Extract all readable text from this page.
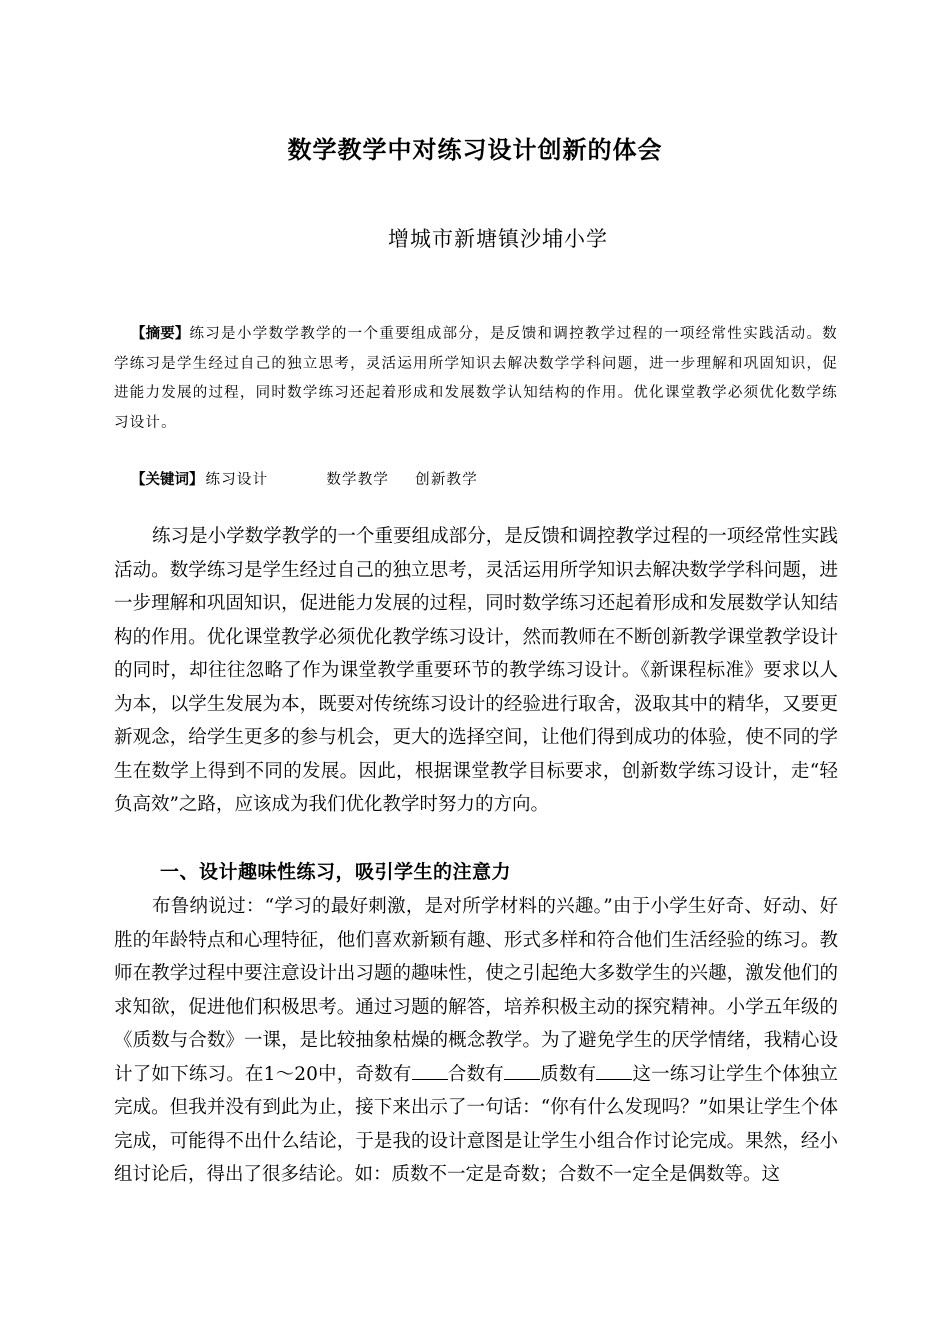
数学教学中对练习设计创新的体会
增城市新塘镇沙埔小学
【摘要】练习是小学数学教学的一个重要组成部分，是反馈和调控教学过程的一项经常性实践活动。数学练习是学生经过自己的独立思考，灵活运用所学知识去解决数学学科问题，进一步理解和巩固知识，促进能力发展的过程，同时数学练习还起着形成和发展数学认知结构的作用。优化课堂教学必须优化数学练习设计。
【关键词】 练习设计	数学教学 创新教学
练习是小学数学教学的一个重要组成部分，是反馈和调控教学过程的一项经常性实践活动。数学练习是学生经过自己的独立思考，灵活运用所学知识去解决数学学科问题，进一步理解和巩固知识，促进能力发展的过程，同时数学练习还起着形成和发展数学认知结构的作用。优化课堂教学必须优化教学练习设计，然而教师在不断创新教学课堂教学设计的同时，却往往忽略了作为课堂教学重要环节的教学练习设计。《新课程标准》要求以人为本，以学生发展为本，既要对传统练习设计的经验进行取舍，汲取其中的精华，又要更新观念，给学生更多的参与机会，更大的选择空间，让他们得到成功的体验，使不同的学生在数学上得到不同的发展。因此，根据课堂教学目标要求，创新数学练习设计，走“轻负高效”之路，应该成为我们优化教学时努力的方向。
一、设计趣味性练习，吸引学生的注意力
布鲁纳说过：“学习的最好刺激，是对所学材料的兴趣。”由于小学生好奇、好动、好胜的年龄特点和心理特征，他们喜欢新颖有趣、形式多样和符合他们生活经验的练习。教师在教学过程中要注意设计出习题的趣味性，使之引起绝大多数学生的兴趣，激发他们的求知欲，促进他们积极思考。通过习题的解答，培养积极主动的探究精神。小学五年级的《质数与合数》一课，是比较抽象枯燥的概念教学。为了避免学生的厌学情绪，我精心设计了如下练习。在1～20中，奇数有 合数有 质数有 这一练习让学生个体独立完成。但我并没有到此为止，接下来出示了一句话：“你有什么发现吗？”如果让学生个体完成，可能得不出什么结论，于是我的设计意图是让学生小组合作讨论完成。果然，经小组讨论后，得出了很多结论。如：质数不一定是奇数；合数不一定全是偶数等。这
